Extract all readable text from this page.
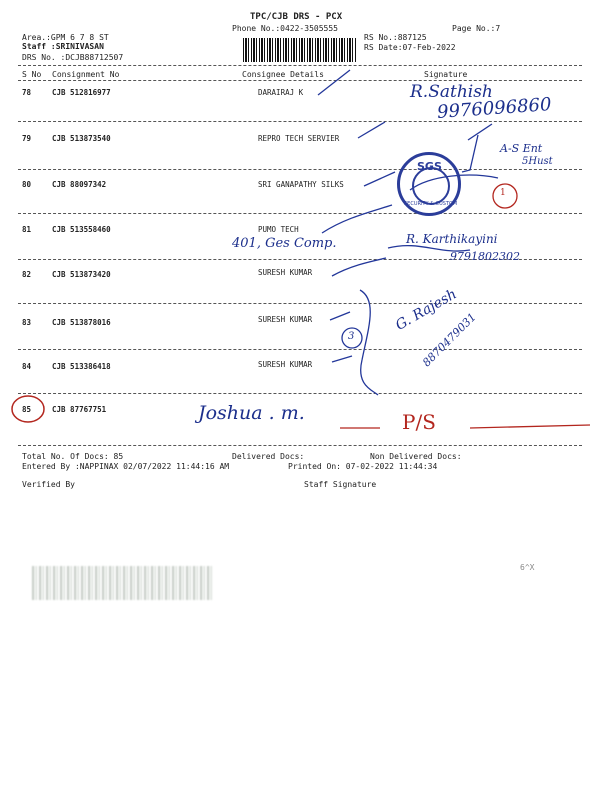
TPC/CJB DRS - PCX
Phone No.:0422-3505555	Page No.:7
Area.:GPM 6 7 8 ST
Staff :SRINIVASAN
DRS No. :DCJB88712507
RS No.:887125
RS Date:07-Feb-2022
S No Consignment No	Consignee Details	Signature
78	CJB 512816977	DARAIRAJ K
79	CJB 513873540	REPRO TECH SERVIER
80	CJB 88097342	SRI GANAPATHY SILKS
81	CJB 513558460	PUMO TECH
82	CJB 513873420	SURESH KUMAR
83	CJB 513878016	SURESH KUMAR
84	CJB 513386418	SURESH KUMAR
85	CJB 87767751
R.Sathish
9976096860
A-S Ent
5Hust
1
401, Ges Comp.	R. Karthikayini
9791802302
3
G. Rajesh
8870479031
Joshua . m.	P/S
SGS
SECURITY & CUSTOM
Total No. Of Docs: 85	Delivered Docs:	Non Delivered Docs:
Entered By :NAPPINAX 02/07/2022 11:44:16 AM	Printed On: 07-02-2022 11:44:34
Verified By	Staff Signature
6^X
